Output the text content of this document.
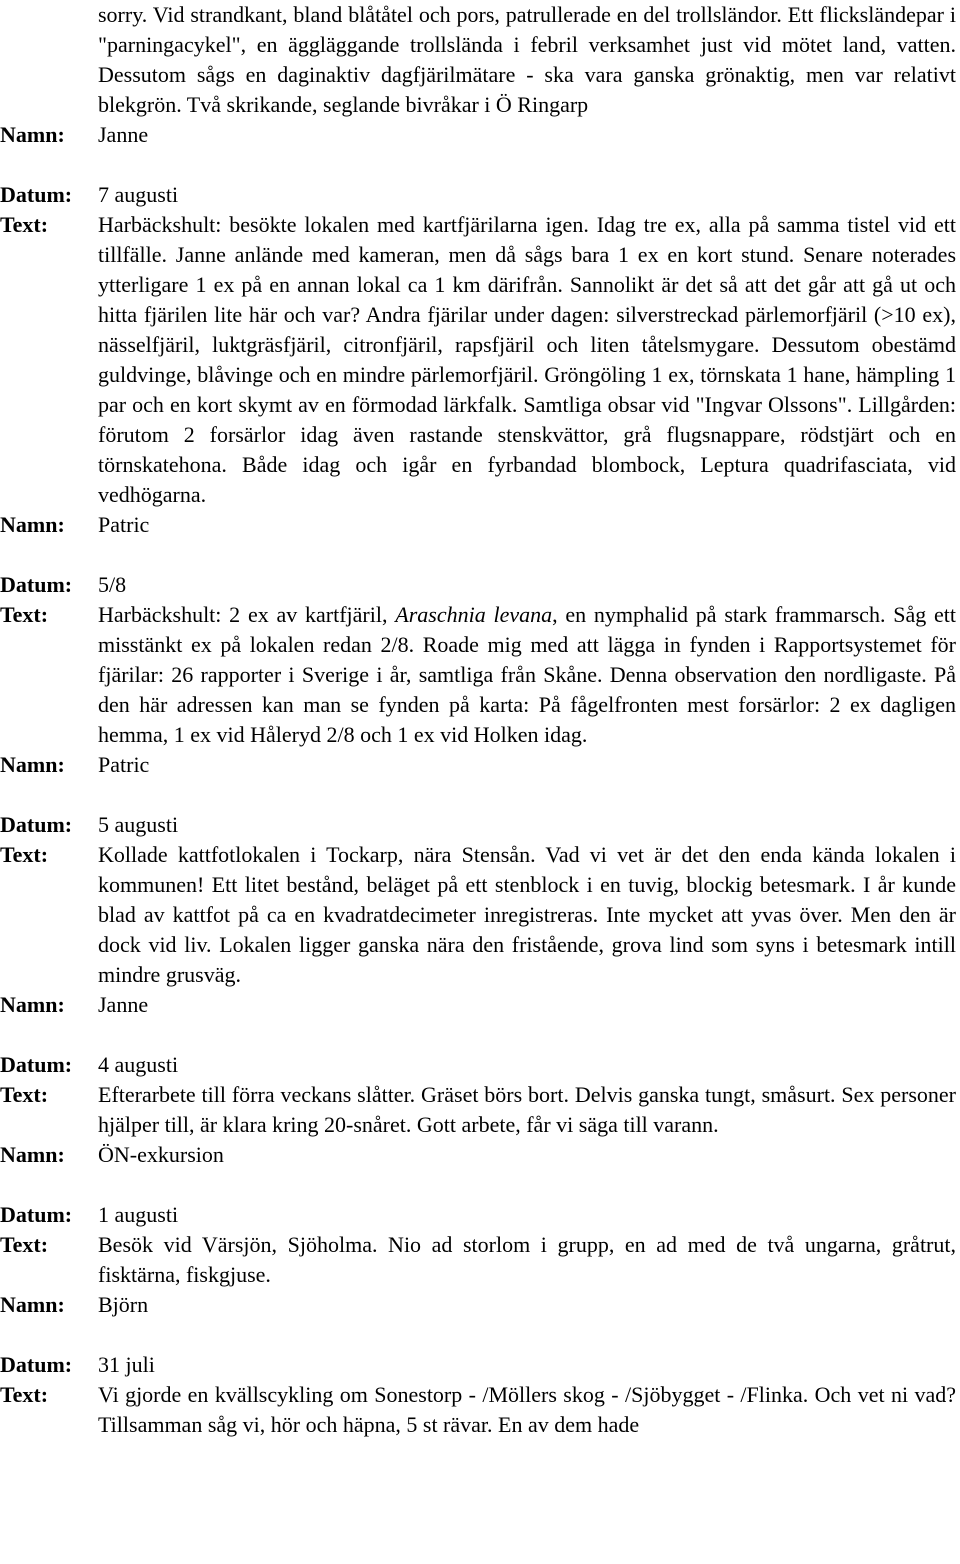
sorry. Vid strandkant, bland blåtåtel och pors, patrullerade en del trollsländor. Ett flicksländepar i "parningacykel", en äggläggande trollslända i febril verksamhet just vid mötet land, vatten. Dessutom sågs en daginaktiv dagfjärilmätare - ska vara ganska grönaktig, men var relativt blekgrön. Två skrikande, seglande bivråkar i Ö Ringarp
Namn:	Janne
Datum:	7 augusti
Text:	Harbäckshult: besökte lokalen med kartfjärilarna igen. Idag tre ex, alla på samma tistel vid ett tillfälle. Janne anlände med kameran, men då sågs bara 1 ex en kort stund. Senare noterades ytterligare 1 ex på en annan lokal ca 1 km därifrån. Sannolikt är det så att det går att gå ut och hitta fjärilen lite här och var? Andra fjärilar under dagen: silverstreckad pärlemorfjäril (>10 ex), nässelfjäril, luktgräsfjäril, citronfjäril, rapsfjäril och liten tåtelsmygare. Dessutom obestämd guldvinge, blåvinge och en mindre pärlemorfjäril. Gröngöling 1 ex, törnskata 1 hane, hämpling 1 par och en kort skymt av en förmodad lärkfalk. Samtliga obsar vid "Ingvar Olssons". Lillgården: förutom 2 forsärlor idag även rastande stenskvättor, grå flugsnappare, rödstjärt och en törnskatehona. Både idag och igår en fyrbandad blombock, Leptura quadrifasciata, vid vedhögarna.
Namn:	Patric
Datum:	5/8
Text:	Harbäckshult: 2 ex av kartfjäril, Araschnia levana, en nymphalid på stark frammarsch. Såg ett misstänkt ex på lokalen redan 2/8. Roade mig med att lägga in fynden i Rapportsystemet för fjärilar: 26 rapporter i Sverige i år, samtliga från Skåne. Denna observation den nordligaste. På den här adressen kan man se fynden på karta: På fågelfronten mest forsärlor: 2 ex dagligen hemma, 1 ex vid Håleryd 2/8 och 1 ex vid Holken idag.
Namn:	Patric
Datum:	5 augusti
Text:	Kollade kattfotlokalen i Tockarp, nära Stensån. Vad vi vet är det den enda kända lokalen i kommunen! Ett litet bestånd, beläget på ett stenblock i en tuvig, blockig betesmark. I år kunde blad av kattfot på ca en kvadratdecimeter inregistreras. Inte mycket att yvas över. Men den är dock vid liv. Lokalen ligger ganska nära den fristående, grova lind som syns i betesmark intill mindre grusväg.
Namn:	Janne
Datum:	4 augusti
Text:	Efterarbete till förra veckans slåtter. Gräset börs bort. Delvis ganska tungt, småsurt. Sex personer hjälper till, är klara kring 20-snåret. Gott arbete, får vi säga till varann.
Namn:	ÖN-exkursion
Datum:	1 augusti
Text:	Besök vid Värsjön, Sjöholma. Nio ad storlom i grupp, en ad med de två ungarna, gråtrut, fisktärna, fiskgjuse.
Namn:	Björn
Datum:	31 juli
Text:	Vi gjorde en kvällscykling om Sonestorp - /Möllers skog - /Sjöbygget - /Flinka. Och vet ni vad? Tillsamman såg vi, hör och häpna, 5 st rävar. En av dem hade
